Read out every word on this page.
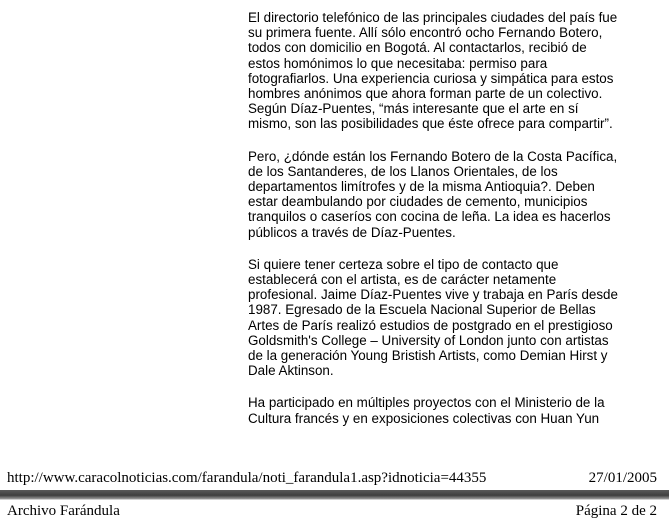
El directorio telefónico de las principales ciudades del país fue
su primera fuente. Allí sólo encontró ocho Fernando Botero,
todos con domicilio en Bogotá. Al contactarlos, recibió de
estos homónimos lo que necesitaba: permiso para
fotografiarlos. Una experiencia curiosa y simpática para estos
hombres anónimos que ahora forman parte de un colectivo.
Según Díaz-Puentes, “más interesante que el arte en sí
mismo, son las posibilidades que éste ofrece para compartir”.

Pero, ¿dónde están los Fernando Botero de la Costa Pacífica,
de los Santanderes, de los Llanos Orientales, de los
departamentos limítrofes y de la misma Antioquia?. Deben
estar deambulando por ciudades de cemento, municipios
tranquilos o caseríos con cocina de leña. La idea es hacerlos
públicos a través de Díaz-Puentes.

Si quiere tener certeza sobre el tipo de contacto que
establecerá con el artista, es de carácter netamente
profesional. Jaime Díaz-Puentes vive y trabaja en París desde
1987. Egresado de la Escuela Nacional Superior de Bellas
Artes de París realizó estudios de postgrado en el prestigioso
Goldsmith's College – University of London junto con artistas
de la generación Young Bristish Artists, como Demian Hirst y
Dale Aktinson.

Ha participado en múltiples proyectos con el Ministerio de la
Cultura francés y en exposiciones colectivas con Huan Yun

http://www.caracolnoticias.com/farandula/noti_farandula1.asp?idnoticia=44355	27/01/2005
Archivo Farándula	Página 2 de 2
